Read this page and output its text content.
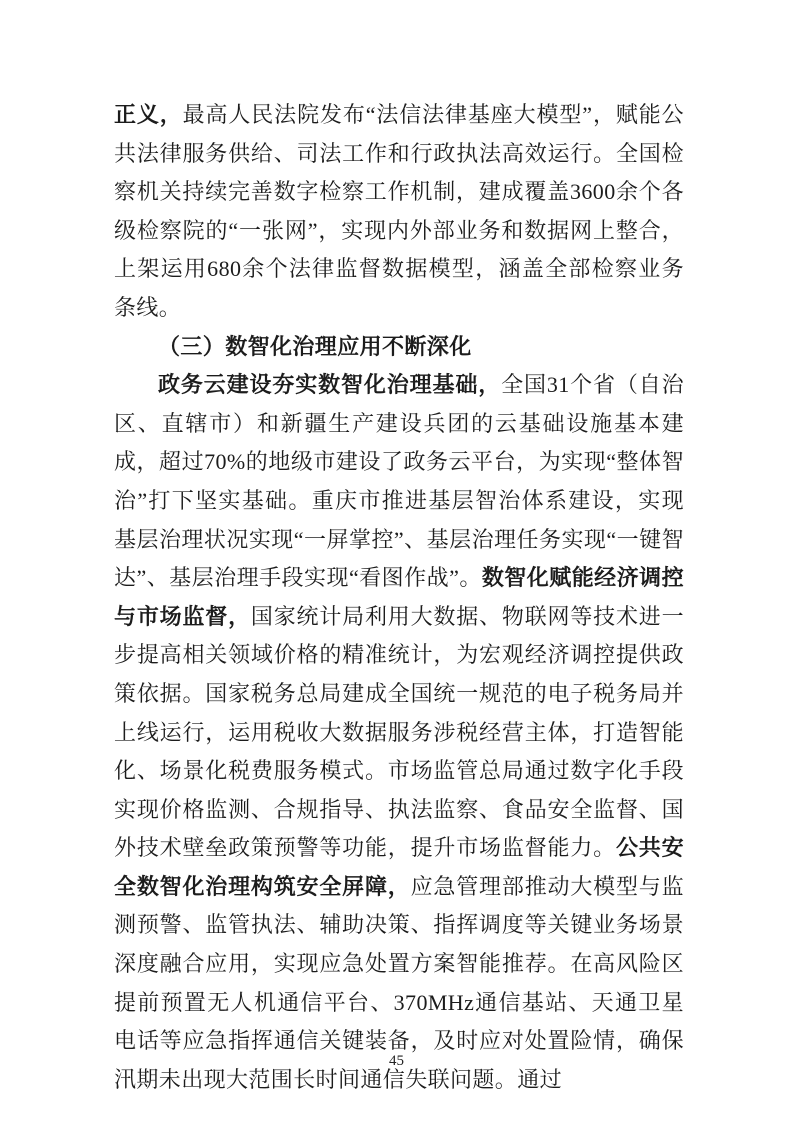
正义，最高人民法院发布“法信法律基座大模型”，赋能公共法律服务供给、司法工作和行政执法高效运行。全国检察机关持续完善数字检察工作机制，建成覆盖3600余个各级检察院的“一张网”，实现内外部业务和数据网上整合，上架运用680余个法律监督数据模型，涵盖全部检察业务条线。

（三）数智化治理应用不断深化

政务云建设夯实数智化治理基础，全国31个省（自治区、直辖市）和新疆生产建设兵团的云基础设施基本建成，超过70%的地级市建设了政务云平台，为实现“整体智治”打下坚实基础。重庆市推进基层智治体系建设，实现基层治理状况实现“一屏掌控”、基层治理任务实现“一键智达”、基层治理手段实现“看图作战”。数智化赋能经济调控与市场监督，国家统计局利用大数据、物联网等技术进一步提高相关领域价格的精准统计，为宏观经济调控提供政策依据。国家税务总局建成全国统一规范的电子税务局并上线运行，运用税收大数据服务涉税经营主体，打造智能化、场景化税费服务模式。市场监管总局通过数字化手段实现价格监测、合规指导、执法监察、食品安全监督、国外技术壁垒政策预警等功能，提升市场监督能力。公共安全数智化治理构筑安全屏障，应急管理部推动大模型与监测预警、监管执法、辅助决策、指挥调度等关键业务场景深度融合应用，实现应急处置方案智能推荐。在高风险区提前预置无人机通信平台、370MHz通信基站、天通卫星电话等应急指挥通信关键装备，及时应对处置险情，确保汛期未出现大范围长时间通信失联问题。通过

45
